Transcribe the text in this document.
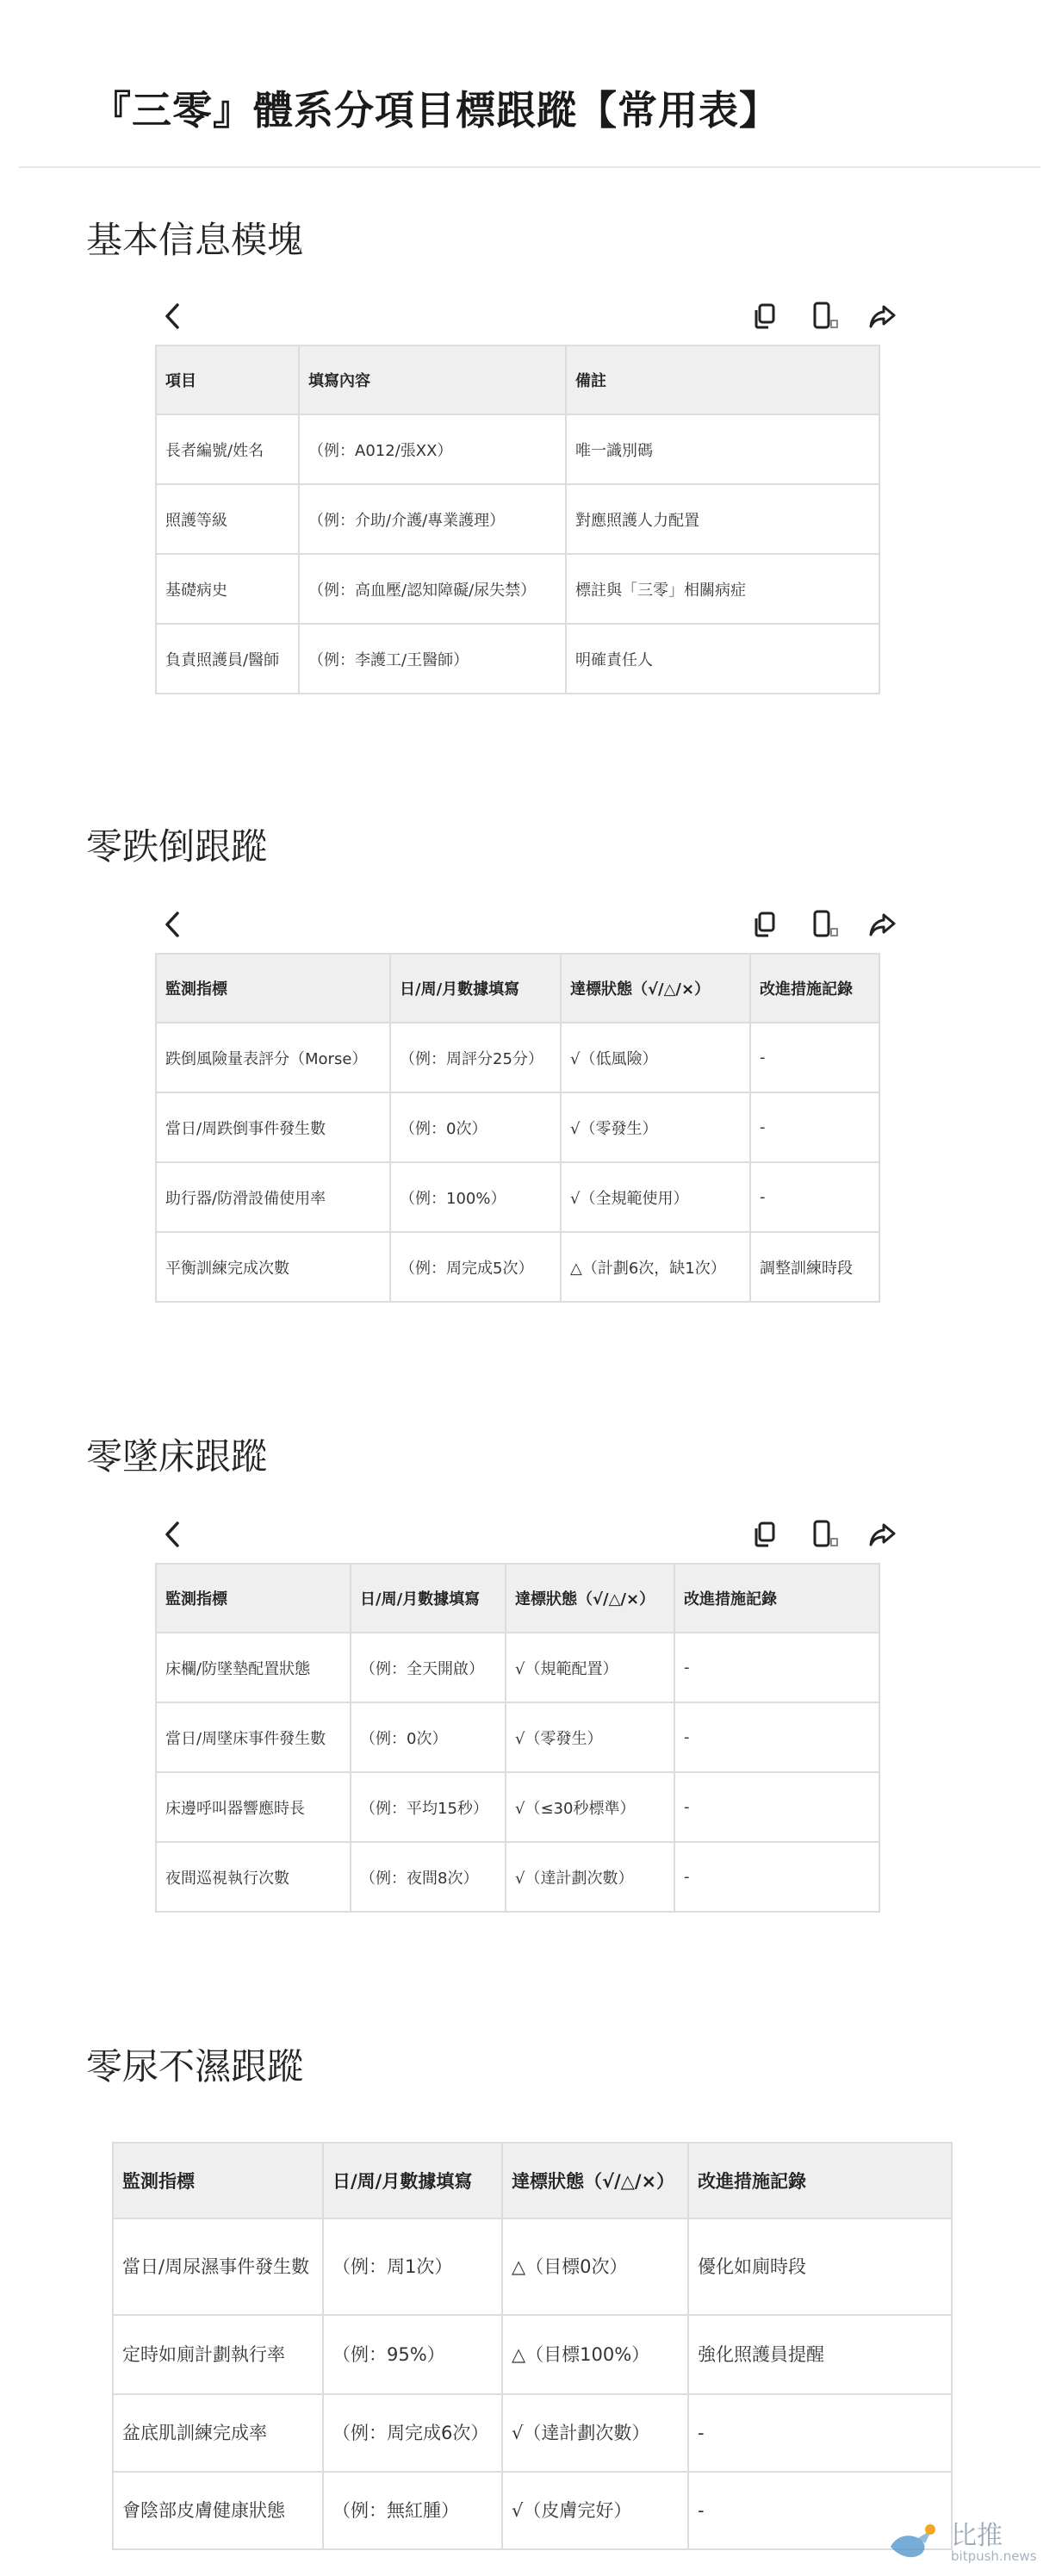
『三零』體系分項目標跟蹤【常用表】
基本信息模塊
項目	填寫內容	備註
長者編號/姓名	（例：A012/張XX）	唯一識別碼
照護等級	（例：介助/介護/專業護理）	對應照護人力配置
基礎病史	（例：高血壓/認知障礙/尿失禁）	標註與「三零」相關病症
負責照護員/醫師	（例：李護工/王醫師）	明確責任人
零跌倒跟蹤
監測指標	日/周/月數據填寫	達標狀態（√/△/×）	改進措施記錄
跌倒風險量表評分（Morse）	（例：周評分25分）	√（低風險）	-
當日/周跌倒事件發生數	（例：0次）	√（零發生）	-
助行器/防滑設備使用率	（例：100%）	√（全規範使用）	-
平衡訓練完成次數	（例：周完成5次）	△（計劃6次，缺1次）	調整訓練時段
零墜床跟蹤
監測指標	日/周/月數據填寫	達標狀態（√/△/×）	改進措施記錄
床欄/防墜墊配置狀態	（例：全天開啟）	√（規範配置）	-
當日/周墜床事件發生數	（例：0次）	√（零發生）	-
床邊呼叫器響應時長	（例：平均15秒）	√（≤30秒標準）	-
夜間巡視執行次數	（例：夜間8次）	√（達計劃次數）	-
零尿不濕跟蹤
監測指標	日/周/月數據填寫	達標狀態（√/△/×）	改進措施記錄
當日/周尿濕事件發生數	（例：周1次）	△（目標0次）	優化如廁時段
定時如廁計劃執行率	（例：95%）	△（目標100%）	強化照護員提醒
盆底肌訓練完成率	（例：周完成6次）	√（達計劃次數）	-
會陰部皮膚健康狀態	（例：無紅腫）	√（皮膚完好）	-
比推
bitpush.news
